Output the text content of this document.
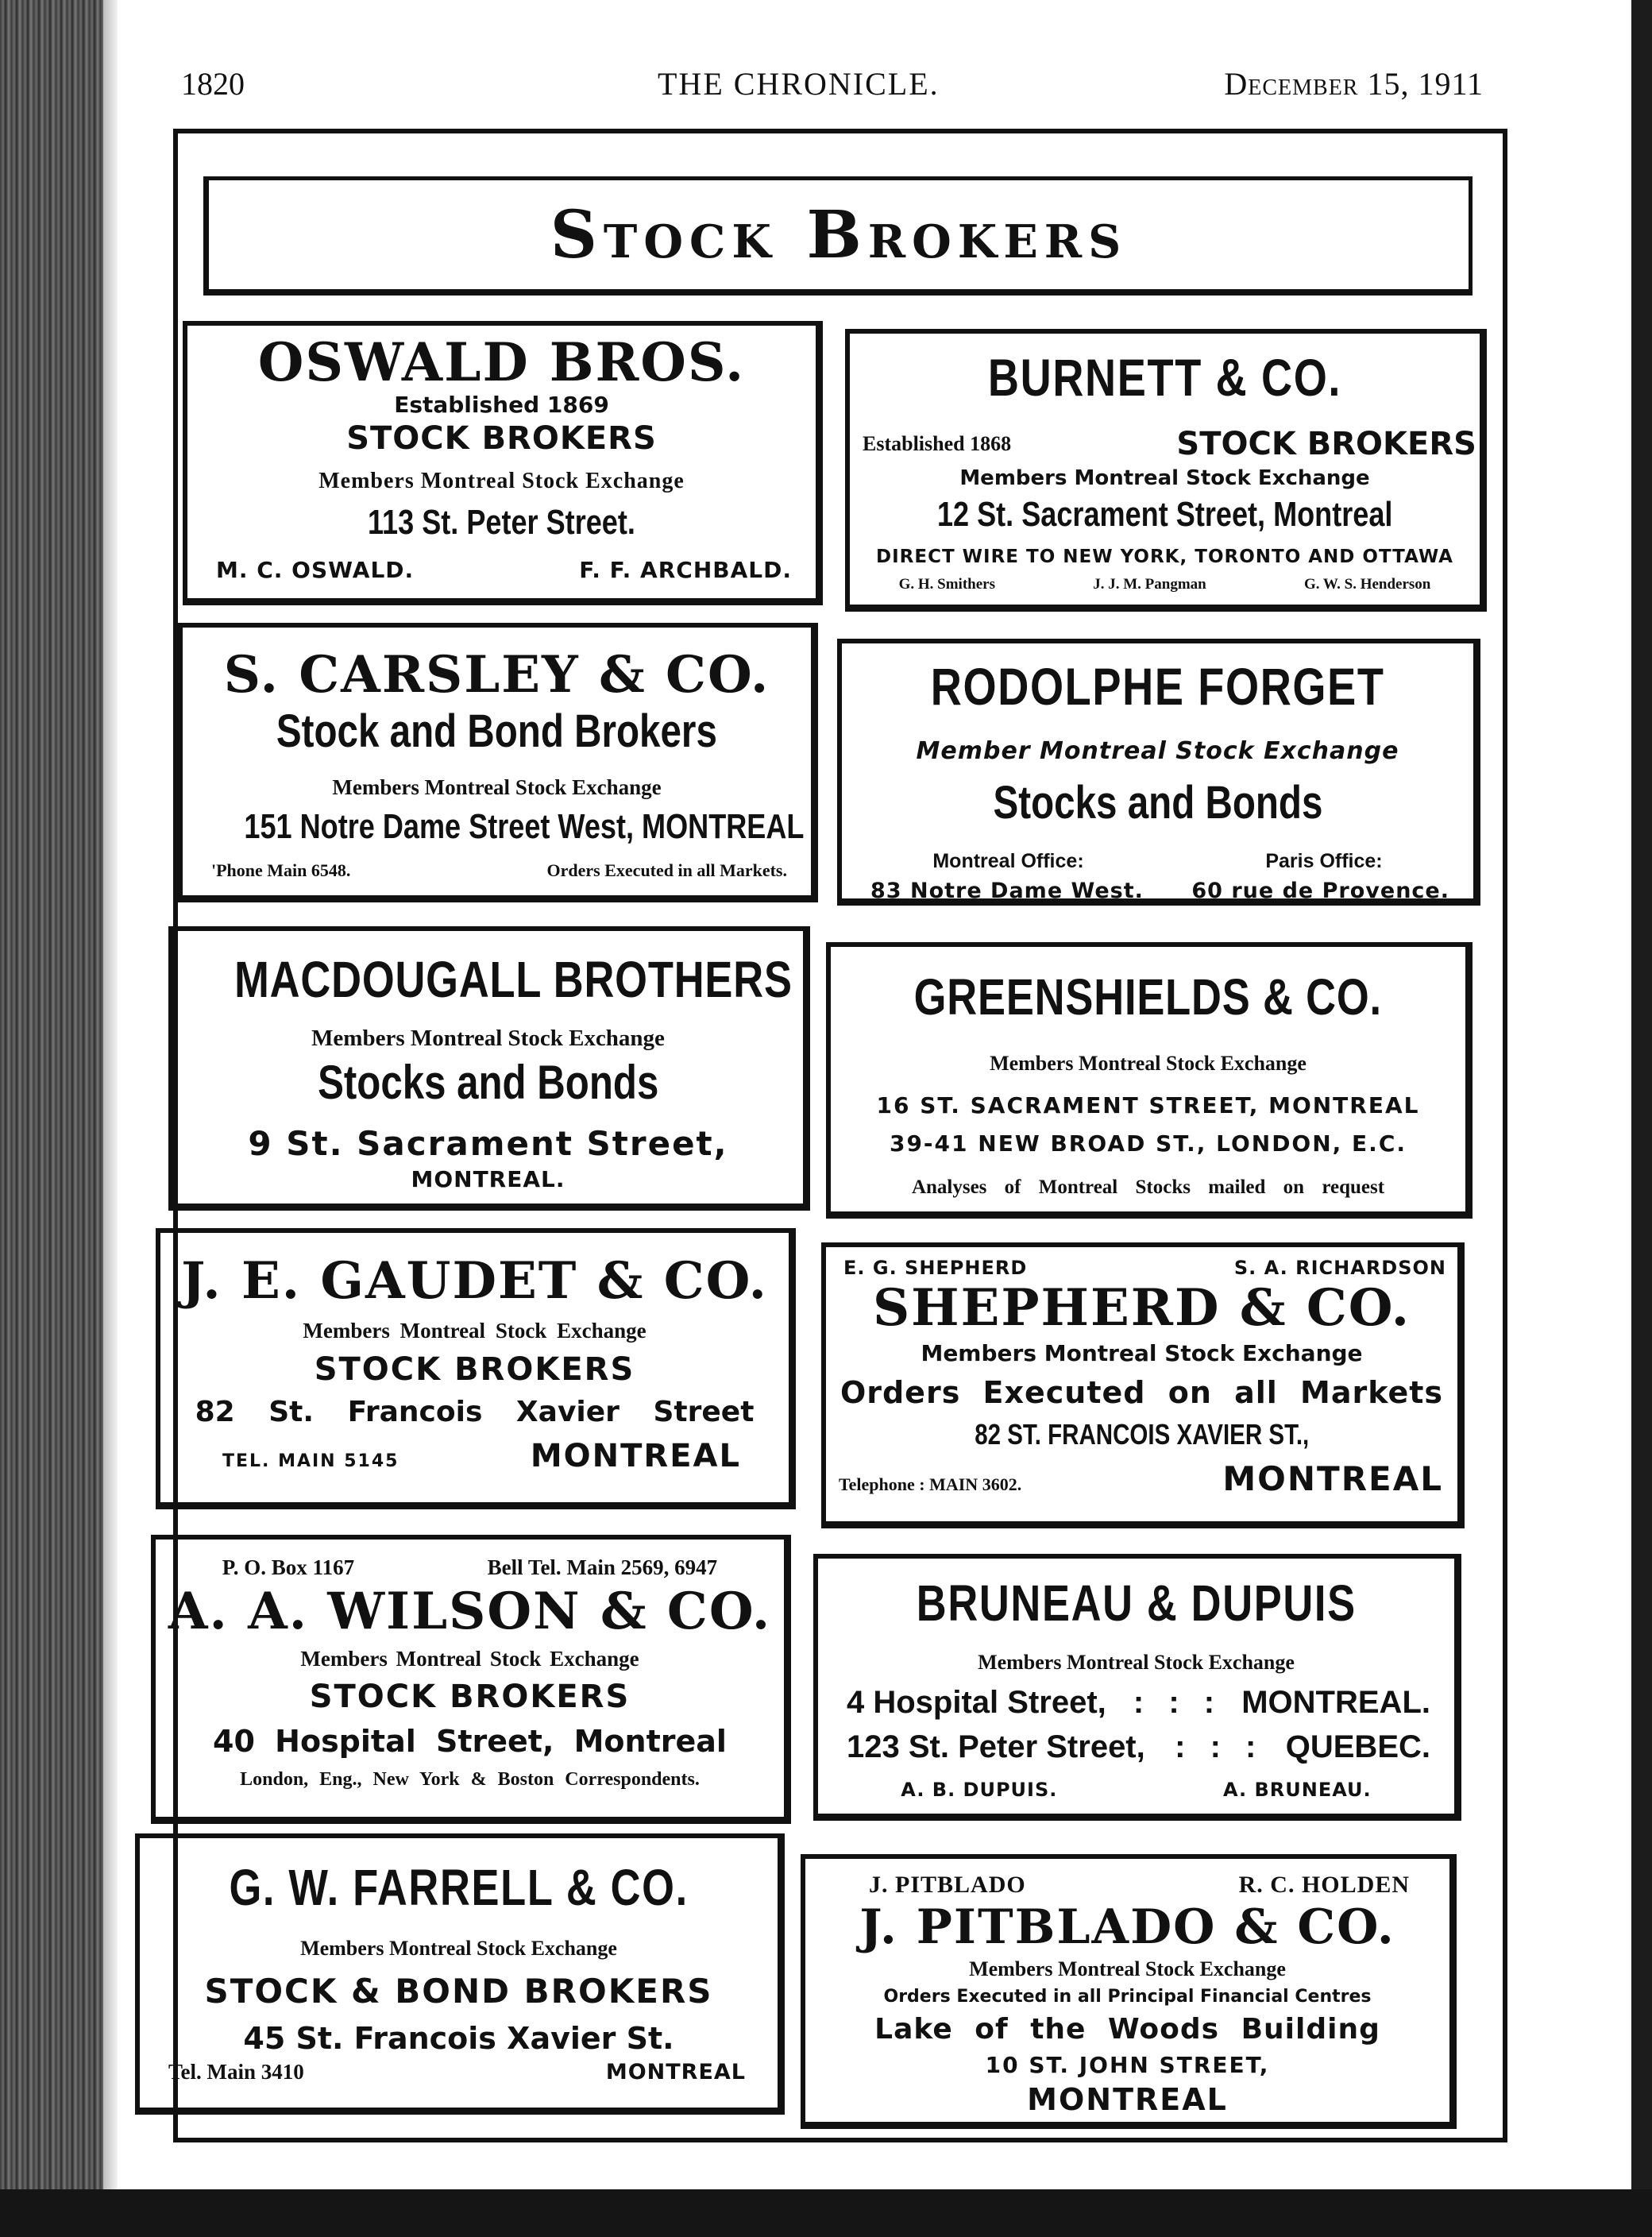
1820	THE CHRONICLE.	December 15, 1911
Stock Brokers
OSWALD BROS.
Established 1869
STOCK BROKERS
Members Montreal Stock Exchange
113 St. Peter Street.
M. C. OSWALD.	F. F. ARCHBALD.
BURNETT & CO.
Established 1868	STOCK BROKERS
Members Montreal Stock Exchange
12 St. Sacrament Street, Montreal
DIRECT WIRE TO NEW YORK, TORONTO AND OTTAWA
G. H. Smithers	J. J. M. Pangman	G. W. S. Henderson
S. CARSLEY & CO.
Stock and Bond Brokers
Members Montreal Stock Exchange
151 Notre Dame Street West, MONTREAL
'Phone Main 6548.	Orders Executed in all Markets.
RODOLPHE FORGET
Member Montreal Stock Exchange
Stocks and Bonds
Montreal Office:	Paris Office:
83 Notre Dame West. 60 rue de Provence.
MACDOUGALL BROTHERS
Members Montreal Stock Exchange
Stocks and Bonds
9 St. Sacrament Street,
MONTREAL.
GREENSHIELDS & CO.
Members Montreal Stock Exchange
16 ST. SACRAMENT STREET, MONTREAL
39-41 NEW BROAD ST., LONDON, E.C.
Analyses of Montreal Stocks mailed on request
J. E. GAUDET & CO.
Members Montreal Stock Exchange
STOCK BROKERS
82 St. Francois Xavier Street
TEL. MAIN 5145	MONTREAL
E. G. SHEPHERD	S. A. RICHARDSON
SHEPHERD & CO.
Members Montreal Stock Exchange
Orders Executed on all Markets
82 ST. FRANCOIS XAVIER ST.,
Telephone : MAIN 3602.	MONTREAL
P. O. Box 1167	Bell Tel. Main 2569, 6947
A. A. WILSON & CO.
Members Montreal Stock Exchange
STOCK BROKERS
40 Hospital Street, Montreal
London, Eng., New York & Boston Correspondents.
BRUNEAU & DUPUIS
Members Montreal Stock Exchange
4 Hospital Street, : : : MONTREAL.
123 St. Peter Street, : : : QUEBEC.
A. B. DUPUIS.	A. BRUNEAU.
G. W. FARRELL & CO.
Members Montreal Stock Exchange
STOCK & BOND BROKERS
45 St. Francois Xavier St.
Tel. Main 3410	MONTREAL
J. PITBLADO	R. C. HOLDEN
J. PITBLADO & CO.
Members Montreal Stock Exchange
Orders Executed in all Principal Financial Centres
Lake of the Woods Building
10 ST. JOHN STREET,
MONTREAL
